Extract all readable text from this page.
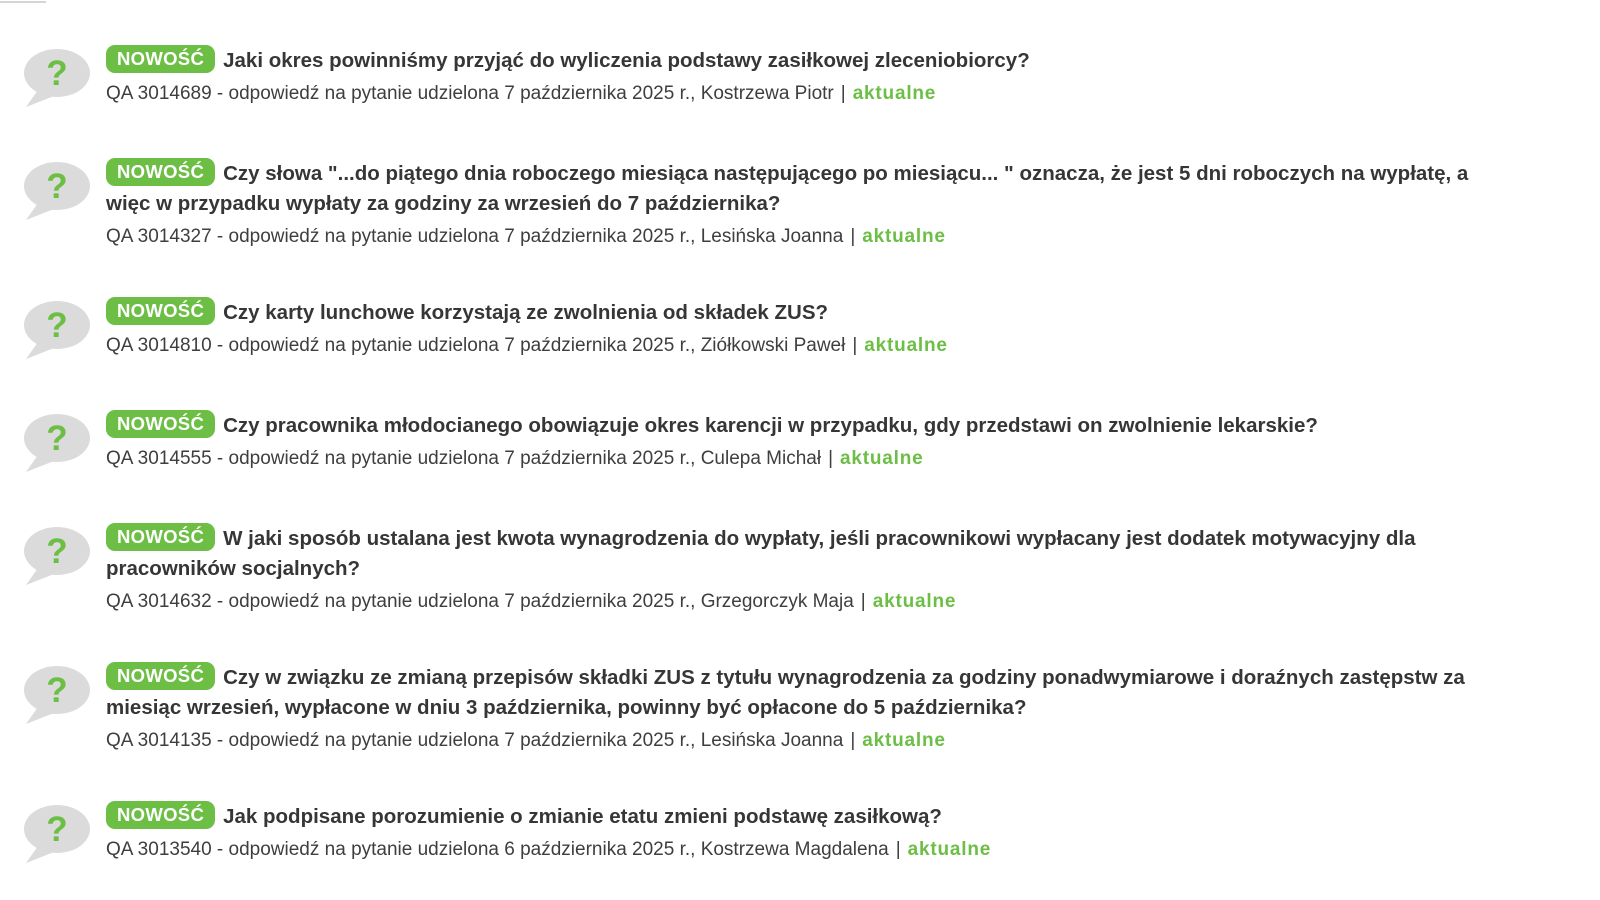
?	NOWOŚĆ Jaki okres powinniśmy przyjąć do wyliczenia podstawy zasiłkowej zleceniobiorcy?
QA 3014689 - odpowiedź na pytanie udzielona 7 października 2025 r., Kostrzewa Piotr | aktualne
?	NOWOŚĆ Czy słowa "...do piątego dnia roboczego miesiąca następującego po miesiącu... " oznacza, że jest 5 dni roboczych na wypłatę, a więc w przypadku wypłaty za godziny za wrzesień do 7 października?
QA 3014327 - odpowiedź na pytanie udzielona 7 października 2025 r., Lesińska Joanna | aktualne
?	NOWOŚĆ Czy karty lunchowe korzystają ze zwolnienia od składek ZUS?
QA 3014810 - odpowiedź na pytanie udzielona 7 października 2025 r., Ziółkowski Paweł | aktualne
?	NOWOŚĆ Czy pracownika młodocianego obowiązuje okres karencji w przypadku, gdy przedstawi on zwolnienie lekarskie?
QA 3014555 - odpowiedź na pytanie udzielona 7 października 2025 r., Culepa Michał | aktualne
?	NOWOŚĆ W jaki sposób ustalana jest kwota wynagrodzenia do wypłaty, jeśli pracownikowi wypłacany jest dodatek motywacyjny dla pracowników socjalnych?
QA 3014632 - odpowiedź na pytanie udzielona 7 października 2025 r., Grzegorczyk Maja | aktualne
?	NOWOŚĆ Czy w związku ze zmianą przepisów składki ZUS z tytułu wynagrodzenia za godziny ponadwymiarowe i doraźnych zastępstw za miesiąc wrzesień, wypłacone w dniu 3 października, powinny być opłacone do 5 października?
QA 3014135 - odpowiedź na pytanie udzielona 7 października 2025 r., Lesińska Joanna | aktualne
?	NOWOŚĆ Jak podpisane porozumienie o zmianie etatu zmieni podstawę zasiłkową?
QA 3013540 - odpowiedź na pytanie udzielona 6 października 2025 r., Kostrzewa Magdalena | aktualne
